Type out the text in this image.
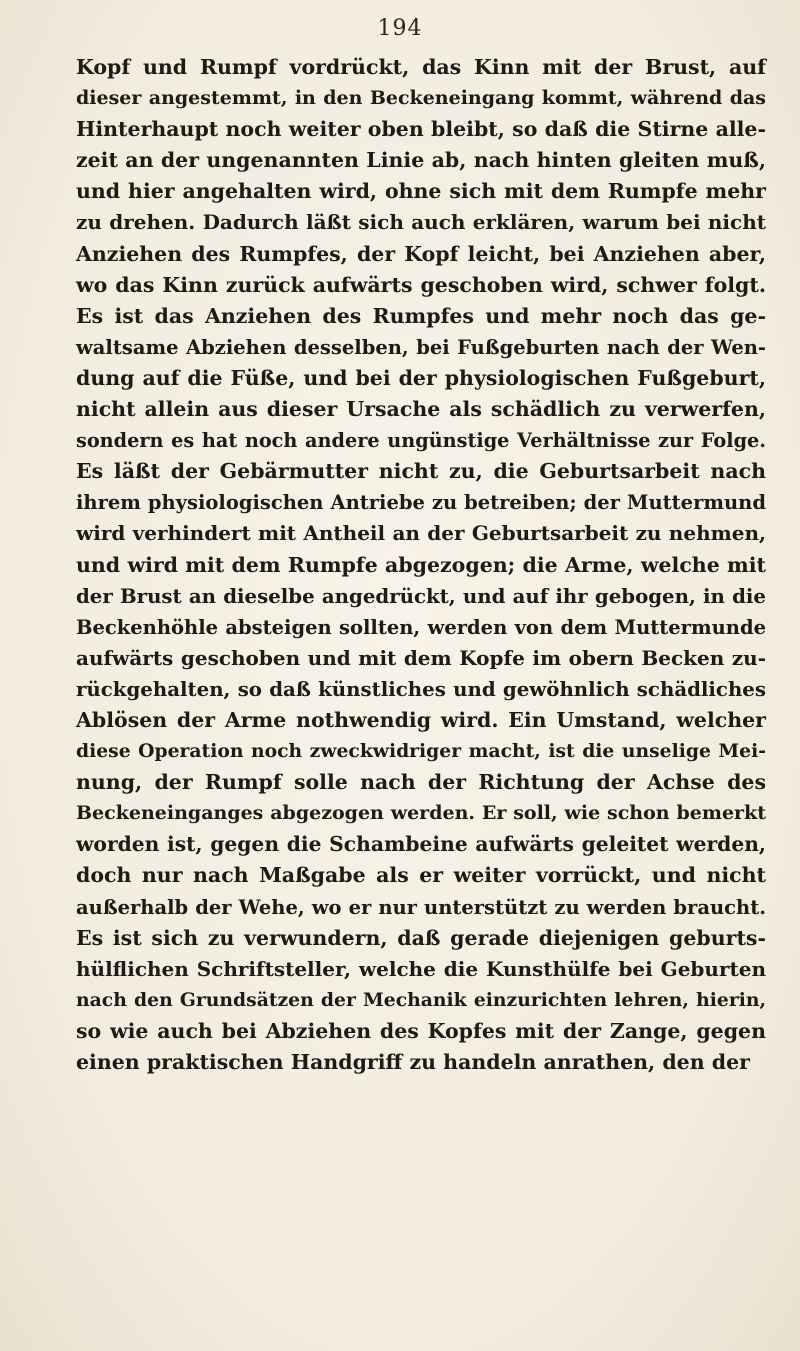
194
Kopf und Rumpf vordrückt, das Kinn mit der Brust, auf
dieser angestemmt, in den Beckeneingang kommt, während das
Hinterhaupt noch weiter oben bleibt, so daß die Stirne alle-
zeit an der ungenannten Linie ab, nach hinten gleiten muß,
und hier angehalten wird, ohne sich mit dem Rumpfe mehr
zu drehen. Dadurch läßt sich auch erklären, warum bei nicht
Anziehen des Rumpfes, der Kopf leicht, bei Anziehen aber,
wo das Kinn zurück aufwärts geschoben wird, schwer folgt.
Es ist das Anziehen des Rumpfes und mehr noch das ge-
waltsame Abziehen desselben, bei Fußgeburten nach der Wen-
dung auf die Füße, und bei der physiologischen Fußgeburt,
nicht allein aus dieser Ursache als schädlich zu verwerfen,
sondern es hat noch andere ungünstige Verhältnisse zur Folge.
Es läßt der Gebärmutter nicht zu, die Geburtsarbeit nach
ihrem physiologischen Antriebe zu betreiben; der Muttermund
wird verhindert mit Antheil an der Geburtsarbeit zu nehmen,
und wird mit dem Rumpfe abgezogen; die Arme, welche mit
der Brust an dieselbe angedrückt, und auf ihr gebogen, in die
Beckenhöhle absteigen sollten, werden von dem Muttermunde
aufwärts geschoben und mit dem Kopfe im obern Becken zu-
rückgehalten, so daß künstliches und gewöhnlich schädliches
Ablösen der Arme nothwendig wird. Ein Umstand, welcher
diese Operation noch zweckwidriger macht, ist die unselige Mei-
nung, der Rumpf solle nach der Richtung der Achse des
Beckeneinganges abgezogen werden. Er soll, wie schon bemerkt
worden ist, gegen die Schambeine aufwärts geleitet werden,
doch nur nach Maßgabe als er weiter vorrückt, und nicht
außerhalb der Wehe, wo er nur unterstützt zu werden braucht.
Es ist sich zu verwundern, daß gerade diejenigen geburts-
hülflichen Schriftsteller, welche die Kunsthülfe bei Geburten
nach den Grundsätzen der Mechanik einzurichten lehren, hierin,
so wie auch bei Abziehen des Kopfes mit der Zange, gegen
einen praktischen Handgriff zu handeln anrathen, den der
